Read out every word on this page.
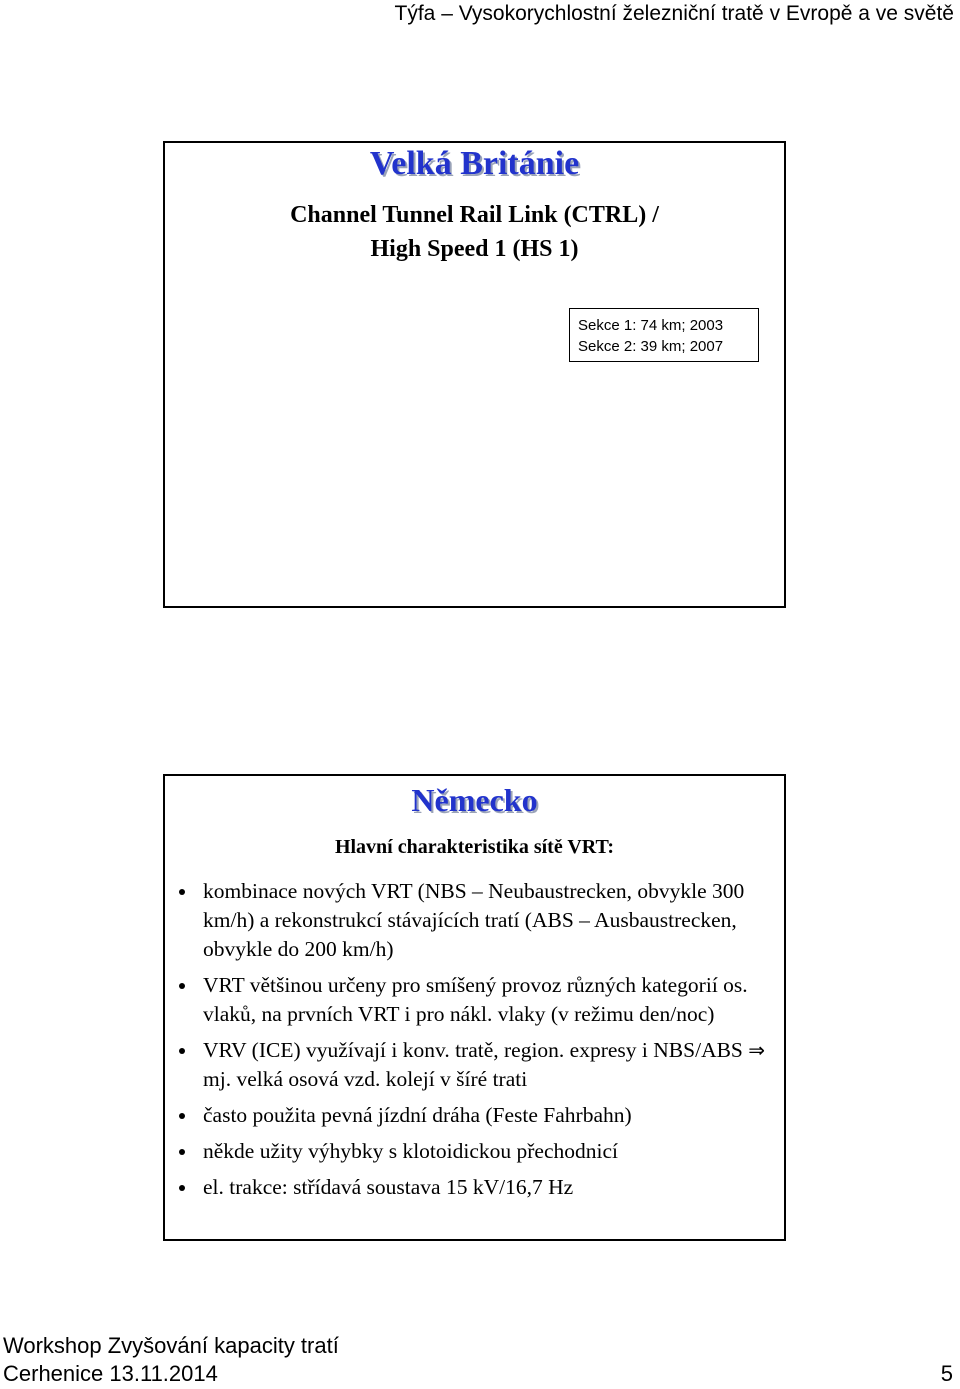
Týfa – Vysokorychlostní železniční tratě v Evropě a ve světě
Velká Británie
Channel Tunnel Rail Link (CTRL) /
High Speed 1 (HS 1)
Sekce 1: 74 km; 2003
Sekce 2: 39 km; 2007
Německo
Hlavní charakteristika sítě VRT:
kombinace nových VRT (NBS – Neubaustrecken, obvykle 300 km/h) a rekonstrukcí stávajících tratí (ABS – Ausbaustrecken, obvykle do 200 km/h)
VRT většinou určeny pro smíšený provoz různých kategorií os. vlaků, na prvních VRT i pro nákl. vlaky (v režimu den/noc)
VRV (ICE) využívají i konv. tratě, region. expresy i NBS/ABS ⇒ mj. velká osová vzd. kolejí v šíré trati
často použita pevná jízdní dráha (Feste Fahrbahn)
někde užity výhybky s klotoidickou přechodnicí
el. trakce: střídavá soustava 15 kV/16,7 Hz
Workshop Zvyšování kapacity tratí
Cerhenice 13.11.2014	5
